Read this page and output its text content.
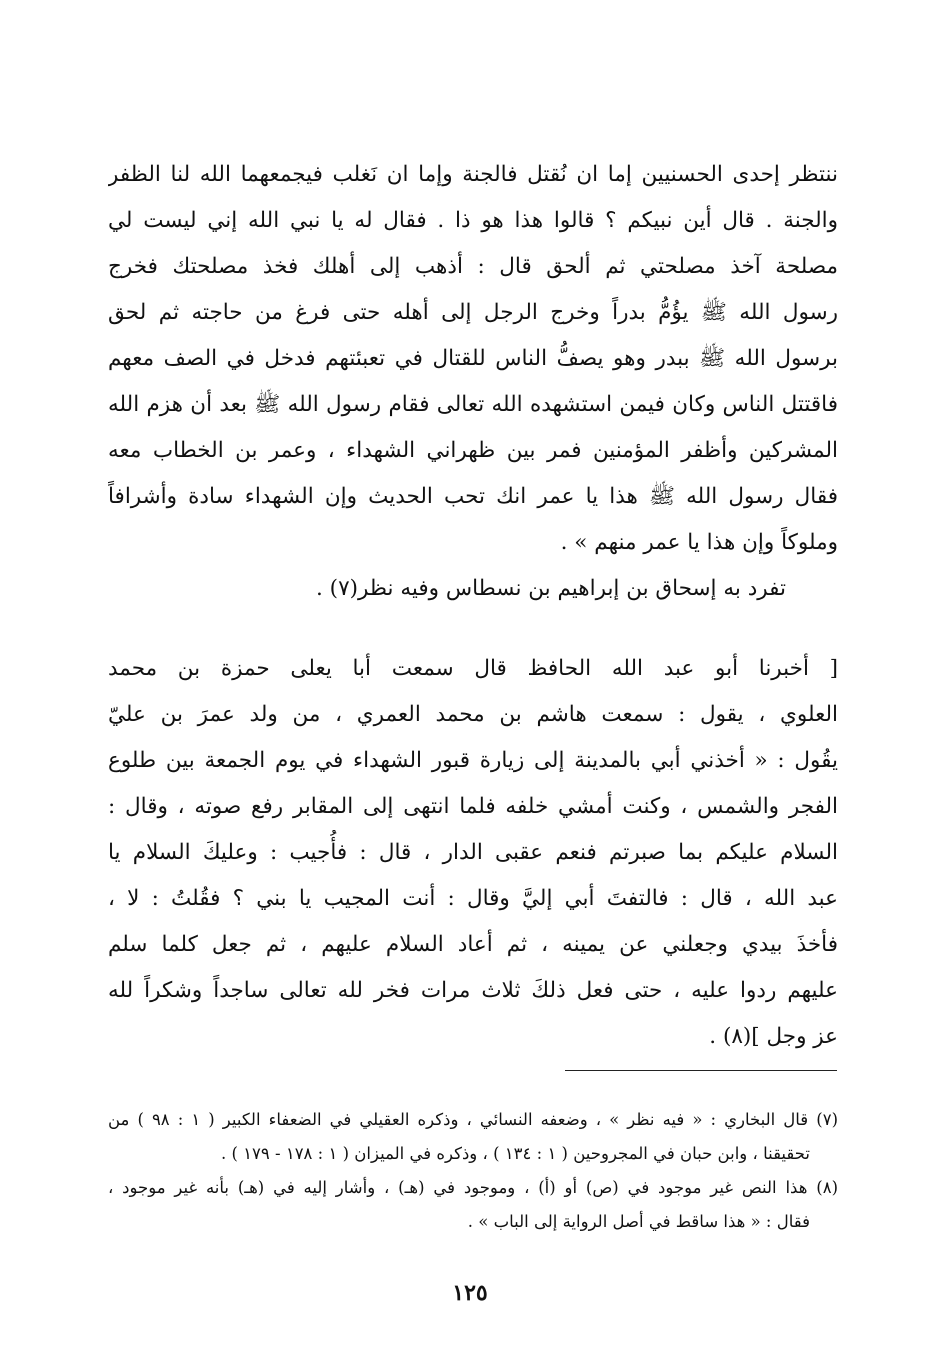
ننتظر إحدى الحسنيين إما ان نُقتل فالجنة وإما ان نَغلب فيجمعهما الله لنا الظفر
والجنة . قال أين نبيكم ؟ قالوا هذا هو ذا . فقال له يا نبي الله إني ليست لي
مصلحة آخذ مصلحتي ثم ألحق قال : أذهب إلى أهلك فخذ مصلحتك فخرج
رسول الله ﷺ يؤُمُّ بدراً وخرج الرجل إلى أهله حتى فرغ من حاجته ثم لحق
برسول الله ﷺ ببدر وهو يصفُّ الناس للقتال في تعبئتهم فدخل في الصف معهم
فاقتتل الناس وكان فيمن استشهده الله تعالى فقام رسول الله ﷺ بعد أن هزم الله
المشركين وأظفر المؤمنين فمر بين ظهراني الشهداء ، وعمر بن الخطاب معه
فقال رسول الله ﷺ هذا يا عمر انك تحب الحديث وإن الشهداء سادة وأشرافاً
وملوكاً وإن هذا يا عمر منهم » .
تفرد به إسحاق بن إبراهيم بن نسطاس وفيه نظر(٧) .
[ أخبرنا أبو عبد الله الحافظ قال سمعت أبا يعلى حمزة بن محمد
العلوي ، يقول : سمعت هاشم بن محمد العمري ، من ولد عمرَ بن عليّ
يقُول : « أخذني أبي بالمدينة إلى زيارة قبور الشهداء في يوم الجمعة بين طلوع
الفجر والشمس ، وكنت أمشي خلفه فلما انتهى إلى المقابر رفع صوته ، وقال :
السلام عليكم بما صبرتم فنعم عقبى الدار ، قال : فأُجيب : وعليكَ السلام يا
عبد الله ، قال : فالتفتَ أبي إليَّ وقال : أنت المجيب يا بني ؟ فقُلتُ : لا ،
فأخذَ بيدي وجعلني عن يمينه ، ثم أعاد السلام عليهم ، ثم جعل كلما سلم
عليهم ردوا عليه ، حتى فعل ذلكَ ثلاث مرات فخر لله تعالى ساجداً وشكراً لله
عز وجل ](٨) .
(٧) قال البخاري : « فيه نظر » ، وضعفه النسائي ، وذكره العقيلي في الضعفاء الكبير ( ١ : ٩٨ ) من
تحقيقنا ، وابن حبان في المجروحين ( ١ : ١٣٤ ) ، وذكره في الميزان ( ١ : ١٧٨ - ١٧٩ ) .
(٨) هذا النص غير موجود في (ص) أو (أ) ، وموجود في (هـ) ، وأشار إليه في (هـ) بأنه غير موجود ،
فقال : « هذا ساقط في أصل الرواية إلى الباب » .
١٢٥
